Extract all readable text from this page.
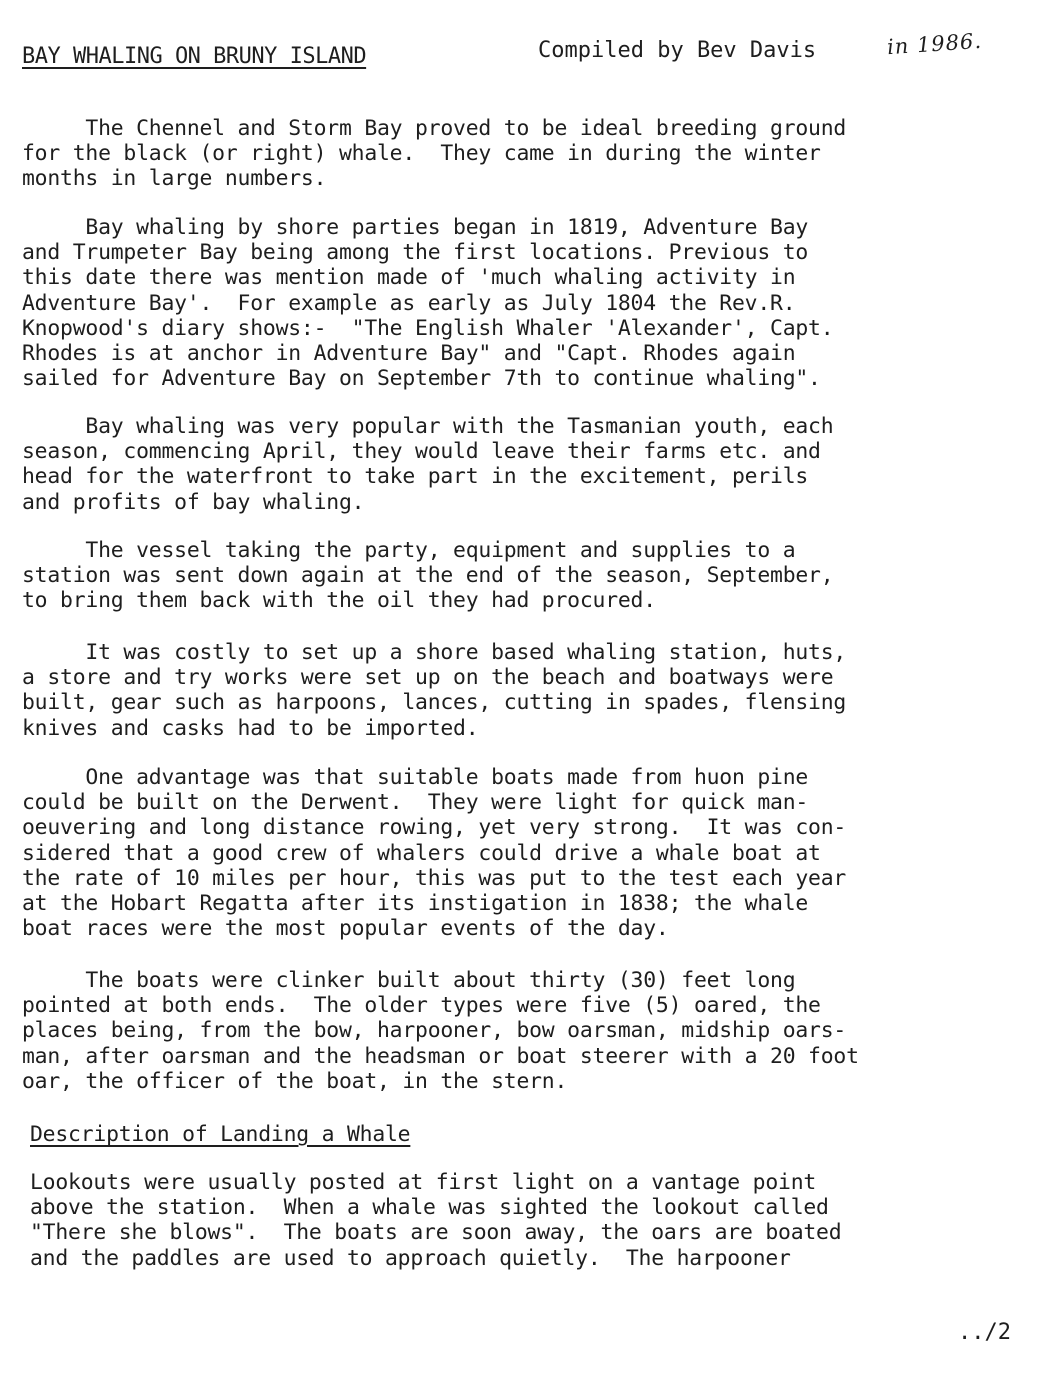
BAY WHALING ON BRUNY ISLAND	Compiled by Bev Davis	in 1986.
The Chennel and Storm Bay proved to be ideal breeding ground
for the black (or right) whale.  They came in during the winter
months in large numbers.
Bay whaling by shore parties began in 1819, Adventure Bay
and Trumpeter Bay being among the first locations. Previous to
this date there was mention made of 'much whaling activity in
Adventure Bay'.  For example as early as July 1804 the Rev.R.
Knopwood's diary shows:-  "The English Whaler 'Alexander', Capt.
Rhodes is at anchor in Adventure Bay" and "Capt. Rhodes again
sailed for Adventure Bay on September 7th to continue whaling".
Bay whaling was very popular with the Tasmanian youth, each
season, commencing April, they would leave their farms etc. and
head for the waterfront to take part in the excitement, perils
and profits of bay whaling.
The vessel taking the party, equipment and supplies to a
station was sent down again at the end of the season, September,
to bring them back with the oil they had procured.
It was costly to set up a shore based whaling station, huts,
a store and try works were set up on the beach and boatways were
built, gear such as harpoons, lances, cutting in spades, flensing
knives and casks had to be imported.
One advantage was that suitable boats made from huon pine
could be built on the Derwent.  They were light for quick man-
oeuvering and long distance rowing, yet very strong.  It was con-
sidered that a good crew of whalers could drive a whale boat at
the rate of 10 miles per hour, this was put to the test each year
at the Hobart Regatta after its instigation in 1838; the whale
boat races were the most popular events of the day.
The boats were clinker built about thirty (30) feet long
pointed at both ends.  The older types were five (5) oared, the
places being, from the bow, harpooner, bow oarsman, midship oars-
man, after oarsman and the headsman or boat steerer with a 20 foot
oar, the officer of the boat, in the stern.
Description of Landing a Whale
Lookouts were usually posted at first light on a vantage point
above the station.  When a whale was sighted the lookout called
"There she blows".  The boats are soon away, the oars are boated
and the paddles are used to approach quietly.  The harpooner
../2
